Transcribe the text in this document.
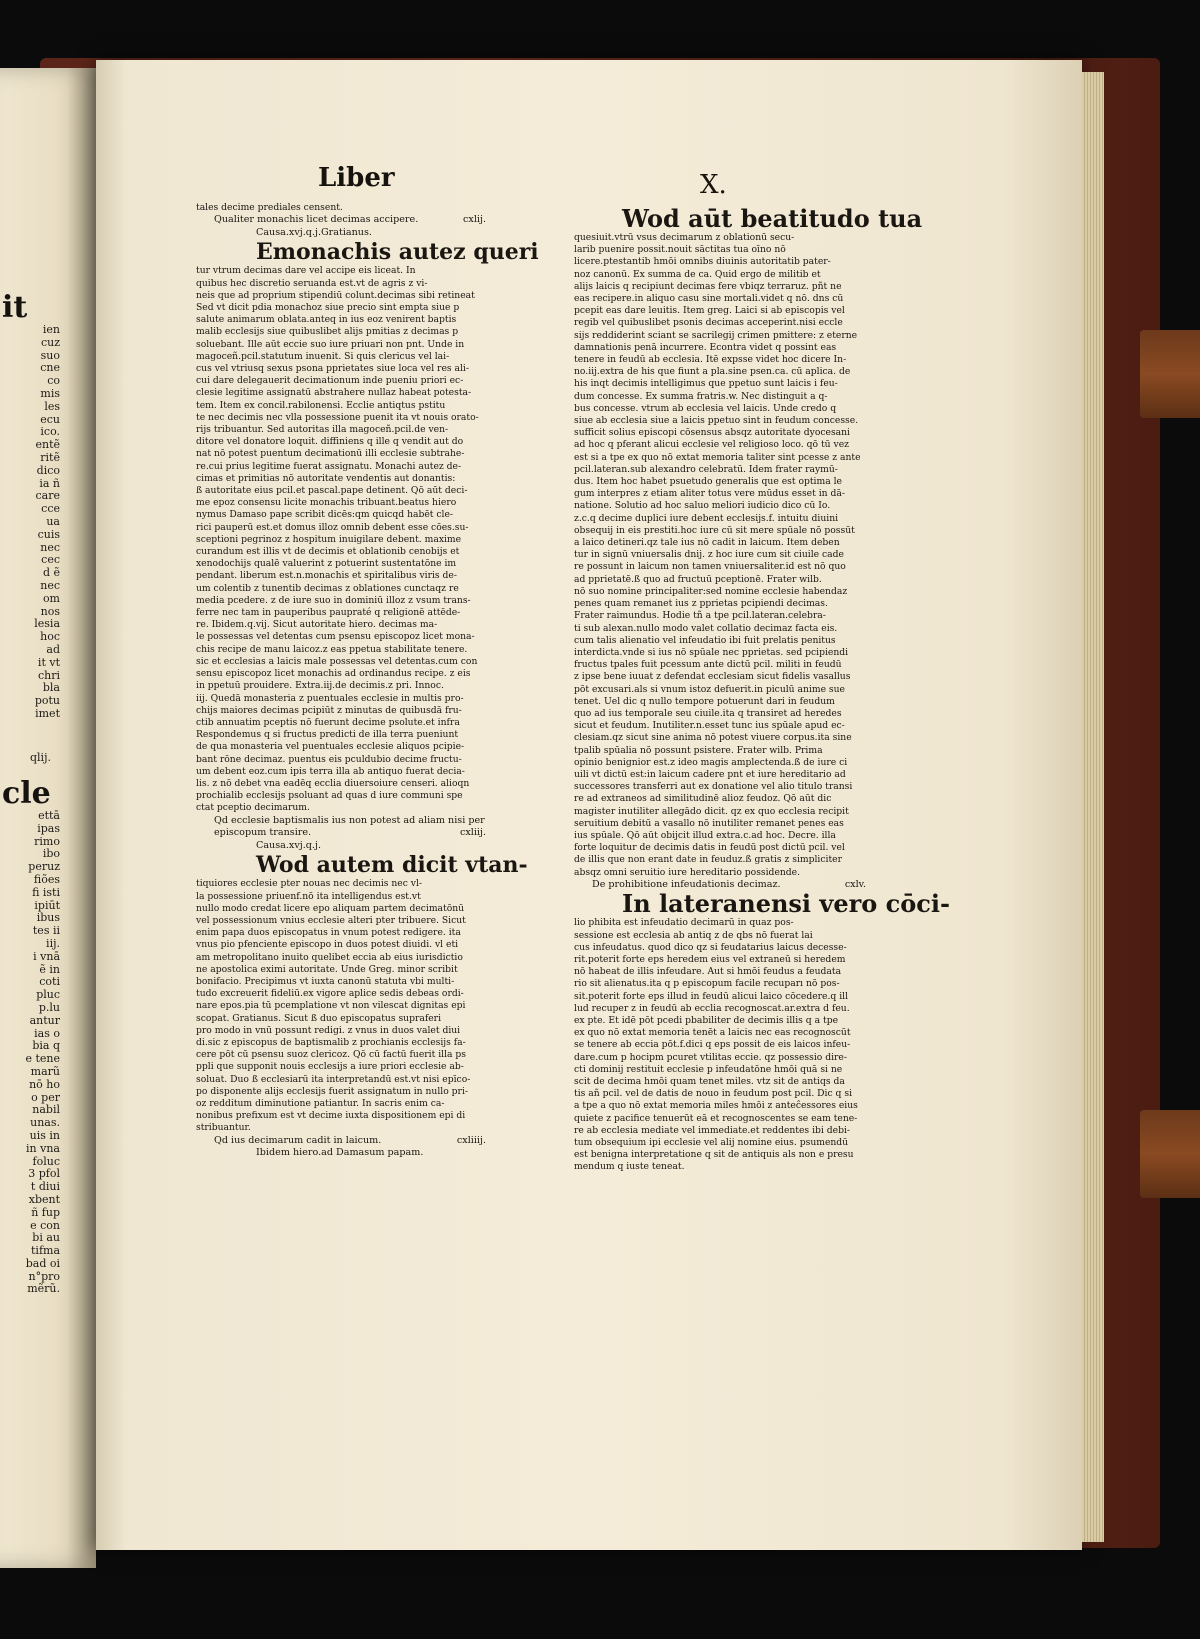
it
ien
cuz
suo
cne
co
mis
les
ecu
ico.
entẽ
ritẽ
dico
ia ñ
care
cce
ua
cuis
nec
cec
d ẽ
nec
om
nos
lesia
hoc
ad
it vt
chri
bla
potu
imet
cle
qlij.
ettā
ipas
rimo
ibo
peruz
fiões
fi isti
ipiūt
ibus
tes ii
iij.
i vnā
ẽ in
coti
pluc
p.lu
antur
ias o
bia q
e tene
marũ
nō ho
o per
nabil
unas.
uis in
in vna
foluc
3 pfol
t diui
xbent
ñ fup
e con
bi au
tifma
bad oi
n°pro
mẽrũ.
Liber	X.
tales decime prediales censent.
Qualiter monachis licet decimas accipere.	cxlij.
Causa.xvj.q.j.Gratianus.
Emonachis autez queri
tur vtrum decimas dare vel accipe eis liceat. In
quibus hec discretio seruanda est.vt de agris z vi-
neis que ad proprium stipendiū colunt.decimas sibi retineat
Sed vt dicit pdia monachoz siue precio sint empta siue p
salute animarum oblata.anteq in ius eoz venirent baptis
malib ecclesijs siue quibuslibet alijs pmitias z decimas p
soluebant. Ille aūt eccie suo iure priuari non pnt. Unde in
magoceñ.pcil.statutum inuenit. Si quis clericus vel lai-
cus vel vtriusq sexus psona pprietates siue loca vel res ali-
cui dare delegauerit decimationum inde pueniu priori ec-
clesie legitime assignatū abstrahere nullaz habeat potesta-
tem. Item ex concil.rabilonensi. Ecclie antiqtus pstitu
te nec decimis nec vlla possessione puenit ita vt nouis orato-
rijs tribuantur. Sed autoritas illa magoceñ.pcil.de ven-
ditore vel donatore loquit. diffiniens q ille q vendit aut do
nat nō potest puentum decimationū illi ecclesie subtrahe-
re.cui prius legitime fuerat assignatu. Monachi autez de-
cimas et primitias nō autoritate vendentis aut donantis:
ß autoritate eius pcil.et pascal.pape detinent. Qō aūt deci-
me epoz consensu licite monachis tribuant.beatus hiero
nymus Damaso pape scribit dicēs:qm quicqd habēt cle-
rici pauperū est.et domus illoz omnib debent esse cōes.su-
sceptioni pegrinoz z hospitum inuigilare debent. maxime
curandum est illis vt de decimis et oblationib cenobijs et
xenodochijs qualē valuerint z potuerint sustentatōne im
pendant. liberum est.n.monachis et spiritalibus viris de-
um colentib z tunentib decimas z oblationes cunctaqz re
media pcedere. z de iure suo in dominiū illoz z vsum trans-
ferre nec tam in pauperibus paupraté q religionē attēde-
re. Ibidem.q.vij. Sicut autoritate hiero. decimas ma-
le possessas vel detentas cum psensu episcopoz licet mona-
chis recipe de manu laicoz.z eas ppetua stabilitate tenere.
sic et ecclesias a laicis male possessas vel detentas.cum con
sensu episcopoz licet monachis ad ordinandus recipe. z eis
in ppetuū prouidere. Extra.iij.de decimis.z pri. Innoc.
iij. Quedā monasteria z puentuales ecclesie in multis pro-
chijs maiores decimas pcipiūt z minutas de quibusdā fru-
ctib annuatim pceptis nō fuerunt decime psolute.et infra
Respondemus q si fructus predicti de illa terra pueniunt
de qua monasteria vel puentuales ecclesie aliquos pcipie-
bant rōne decimaz. puentus eis pculdubio decime fructu-
um debent eoz.cum ipis terra illa ab antiquo fuerat decia-
lis. z nō debet vna eadēq ecclia diuersoiure censeri. alioqn
prochialib ecclesijs psoluant ad quas d iure communi spe
ctat pceptio decimarum.
Qd ecclesie baptismalis ius non potest ad aliam nisi per
episcopum transire.	cxliij.
Causa.xvj.q.j.
Wod autem dicit vtan-
tiquiores ecclesie pter nouas nec decimis nec vl-
la possessione priuenf.nō ita intelligendus est.vt
nullo modo credat licere epo aliquam partem decimatōnū
vel possessionum vnius ecclesie alteri pter tribuere. Sicut
enim papa duos episcopatus in vnum potest redigere. ita
vnus pio pfenciente episcopo in duos potest diuidi. vl eti
am metropolitano inuito quelibet eccia ab eius iurisdictio
ne apostolica eximi autoritate. Unde Greg. minor scribit
bonifacio. Precipimus vt iuxta canonū statuta vbi multi-
tudo excreuerit fideliū.ex vigore aplice sedis debeas ordi-
nare epos.pia tū pcemplatione vt non vilescat dignitas epi
scopat. Gratianus. Sicut ß duo episcopatus supraferi
pro modo in vnū possunt redigi. z vnus in duos valet diui
di.sic z episcopus de baptismalib z prochianis ecclesijs fa-
cere pōt cū psensu suoz clericoz. Qō cū factū fuerit illa ps
ppli que supponit nouis ecclesijs a iure priori ecclesie ab-
soluat. Duo ß ecclesiarū ita interpretandū est.vt nisi epīco-
po disponente alijs ecclesijs fuerit assignatum in nullo pri-
oz redditum diminutione patiantur. In sacris enim ca-
nonibus prefixum est vt decime iuxta dispositionem epi di
stribuantur.
Qd ius decimarum cadit in laicum.	cxliiij.
Ibidem hiero.ad Damasum papam.
Wod aūt beatitudo tua
quesiuit.vtrū vsus decimarum z oblationū secu-
larib puenire possit.nouit sāctitas tua oīno nō
licere.ptestantib hmōi omnibs diuinis autoritatib pater-
noz canonū. Ex summa de ca. Quid ergo de militib et
alijs laicis q recipiunt decimas fere vbiqz terraruz. pñt ne
eas recipere.in aliquo casu sine mortali.videt q nō. dns cū
pcepit eas dare leuitis. Item greg. Laici si ab episcopis vel
regib vel quibuslibet psonis decimas acceperint.nisi eccle
sijs reddiderint sciant se sacrilegij crimen pmittere: z eterne
damnationis penā incurrere. Econtra videt q possint eas
tenere in feudū ab ecclesia. Itē expsse videt hoc dicere In-
no.iij.extra de his que fiunt a pla.sine psen.ca. cū aplica. de
his inqt decimis intelligimus que ppetuo sunt laicis i feu-
dum concesse. Ex summa fratris.w. Nec distinguit a q-
bus concesse. vtrum ab ecclesia vel laicis. Unde credo q
siue ab ecclesia siue a laicis ppetuo sint in feudum concesse.
sufficit solius episcopi cōsensus absqz autoritate dyocesani
ad hoc q pferant alicui ecclesie vel religioso loco. qō tū vez
est si a tpe ex quo nō extat memoria taliter sint pcesse z ante
pcil.lateran.sub alexandro celebratū. Idem frater raymū-
dus. Item hoc habet psuetudo generalis que est optima le
gum interpres z etiam aliter totus vere mūdus esset in dā-
natione. Solutio ad hoc saluo meliori iudicio dico cū Io.
z.c.q decime duplici iure debent ecclesijs.f. intuitu diuini
obsequij in eis prestiti.hoc iure cū sit mere spūale nō possūt
a laico detineri.qz tale ius nō cadit in laicum. Item deben
tur in signū vniuersalis dnij. z hoc iure cum sit ciuile cade
re possunt in laicum non tamen vniuersaliter.id est nō quo
ad pprietatē.ß quo ad fructuū pceptionē. Frater wilb.
nō suo nomine principaliter:sed nomine ecclesie habendaz
penes quam remanet ius z pprietas pcipiendi decimas.
Frater raimundus. Hodie tñ a tpe pcil.lateran.celebra-
ti sub alexan.nullo modo valet collatio decimaz facta eis.
cum talis alienatio vel infeudatio ibi fuit prelatis penitus
interdicta.vnde si ius nō spūale nec pprietas. sed pcipiendi
fructus tpales fuit pcessum ante dictū pcil. militi in feudū
z ipse bene iuuat z defendat ecclesiam sicut fidelis vasallus
pōt excusari.als si vnum istoz defuerit.in piculū anime sue
tenet. Uel dic q nullo tempore potuerunt dari in feudum
quo ad ius temporale seu ciuile.ita q transiret ad heredes
sicut et feudum. Inutiliter.n.esset tunc ius spūale apud ec-
clesiam.qz sicut sine anima nō potest viuere corpus.ita sine
tpalib spūalia nō possunt psistere. Frater wilb. Prima
opinio benignior est.z ideo magis amplectenda.ß de iure ci
uili vt dictū est:in laicum cadere pnt et iure hereditario ad
successores transferri aut ex donatione vel alio titulo transi
re ad extraneos ad similitudinē alioz feudoz. Qō aūt dic
magister inutiliter allegādo dicit. qz ex quo ecclesia recipit
seruitium debitū a vasallo nō inutiliter remanet penes eas
ius spūale. Qō aūt obijcit illud extra.c.ad hoc. Decre. illa
forte loquitur de decimis datis in feudū post dictū pcil. vel
de illis que non erant date in feuduz.ß gratis z simpliciter
absqz omni seruitio iure hereditario possidende.
De prohibitione infeudationis decimaz.	cxlv.
In lateranensi vero cōci-
lio phibita est infeudatio decimarū in quaz pos-
sessione est ecclesia ab antiq z de qbs nō fuerat lai
cus infeudatus. quod dico qz si feudatarius laicus decesse-
rit.poterit forte eps heredem eius vel extraneū si heredem
nō habeat de illis infeudare. Aut si hmōi feudus a feudata
rio sit alienatus.ita q p episcopum facile recuparı nō pos-
sit.poterit forte eps illud in feudū alicui laico cōcedere.q ill
lud recuper z in feudū ab ecclia recognoscat.ar.extra d feu.
ex pte. Et idē pōt pcedi pbabiliter de decimis illis q a tpe
ex quo nō extat memoria tenēt a laicis nec eas recognoscūt
se tenere ab eccia pōt.f.dici q eps possit de eis laicos infeu-
dare.cum p hocipm pcuret vtilitas eccie. qz possessio dire-
cti dominij restituit ecclesie p infeudatōne hmōi quā si ne
scit de decima hmōi quam tenet miles. vtz sit de antiqs da
tis añ pcil. vel de datis de nouo in feudum post pcil. Dic q si
a tpe a quo nō extat memoria miles hmōi z anteĉessores eius
quiete z pacifice tenuerūt eā et recognoscentes se eam tene-
re ab ecclesia mediate vel immediate.et reddentes ibi debi-
tum obsequium ipi ecclesie vel alij nomine eius. psumendū
est benigna interpretatione q sit de antiquis als non e presu
mendum q iuste teneat.
